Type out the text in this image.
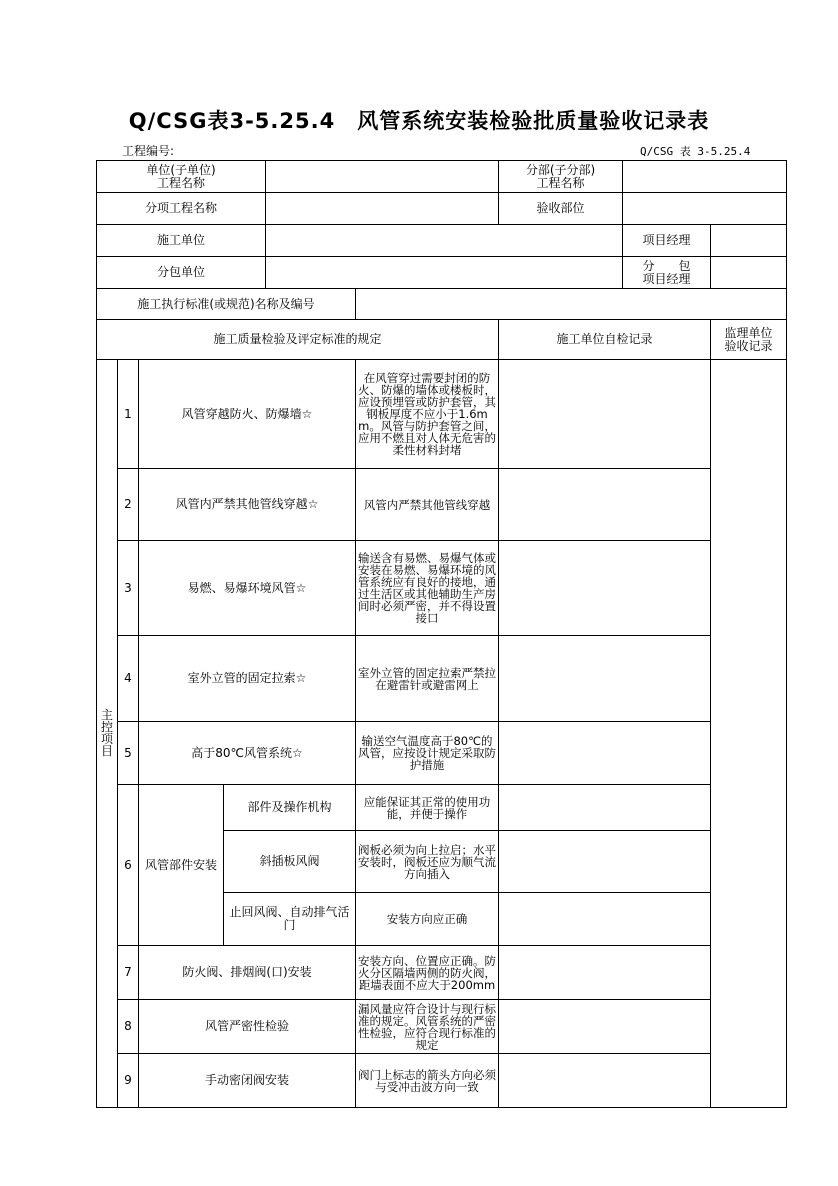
Q/CSG表3-5.25.4　风管系统安装检验批质量验收记录表
工程编号:	Q/CSG 表 3-5.25.4
单位(子单位)
工程名称						分部(子分部)
工程名称		
分项工程名称						验收部位		
施工单位							项目经理	
分包单位							分　　包
项目经理	

施工执行标准(或规范)名称及编号								
施工质量检验及评定标准的规定						施工单位自检记录		监理单位
验收记录
主控项目	1	风管穿越防火、防爆墙☆			在风管穿过需要封闭的防火、防爆的墙体或楼板时，应设预埋管或防护套管，其钢板厚度不应小于1.6mm。风管与防护套管之间，应用不燃且对人体无危害的柔性材料封堵			
	2	风管内严禁其他管线穿越☆			风管内严禁其他管线穿越			
	3	易燃、易爆环境风管☆			输送含有易燃、易爆气体或安装在易燃、易爆环境的风管系统应有良好的接地，通过生活区或其他辅助生产房间时必须严密，并不得设置接口			
	4	室外立管的固定拉索☆			室外立管的固定拉索严禁拉在避雷针或避雷网上			
	5	高于80℃风管系统☆			输送空气温度高于80℃的风管，应按设计规定采取防护措施			
	6	风管部件安装	部件及操作机构		应能保证其正常的使用功能，并便于操作			
			斜插板风阀		阀板必须为向上拉启；水平安装时，阀板还应为顺气流方向插入			
			止回风阀、自动排气活门		安装方向应正确			
	7	防火阀、排烟阀(口)安装			安装方向、位置应正确。防火分区隔墙两侧的防火阀，距墙表面不应大于200mm			
	8	风管严密性检验			漏风量应符合设计与现行标准的规定。风管系统的严密性检验，应符合现行标准的规定			
	9	手动密闭阀安装			阀门上标志的箭头方向必须与受冲击波方向一致			
